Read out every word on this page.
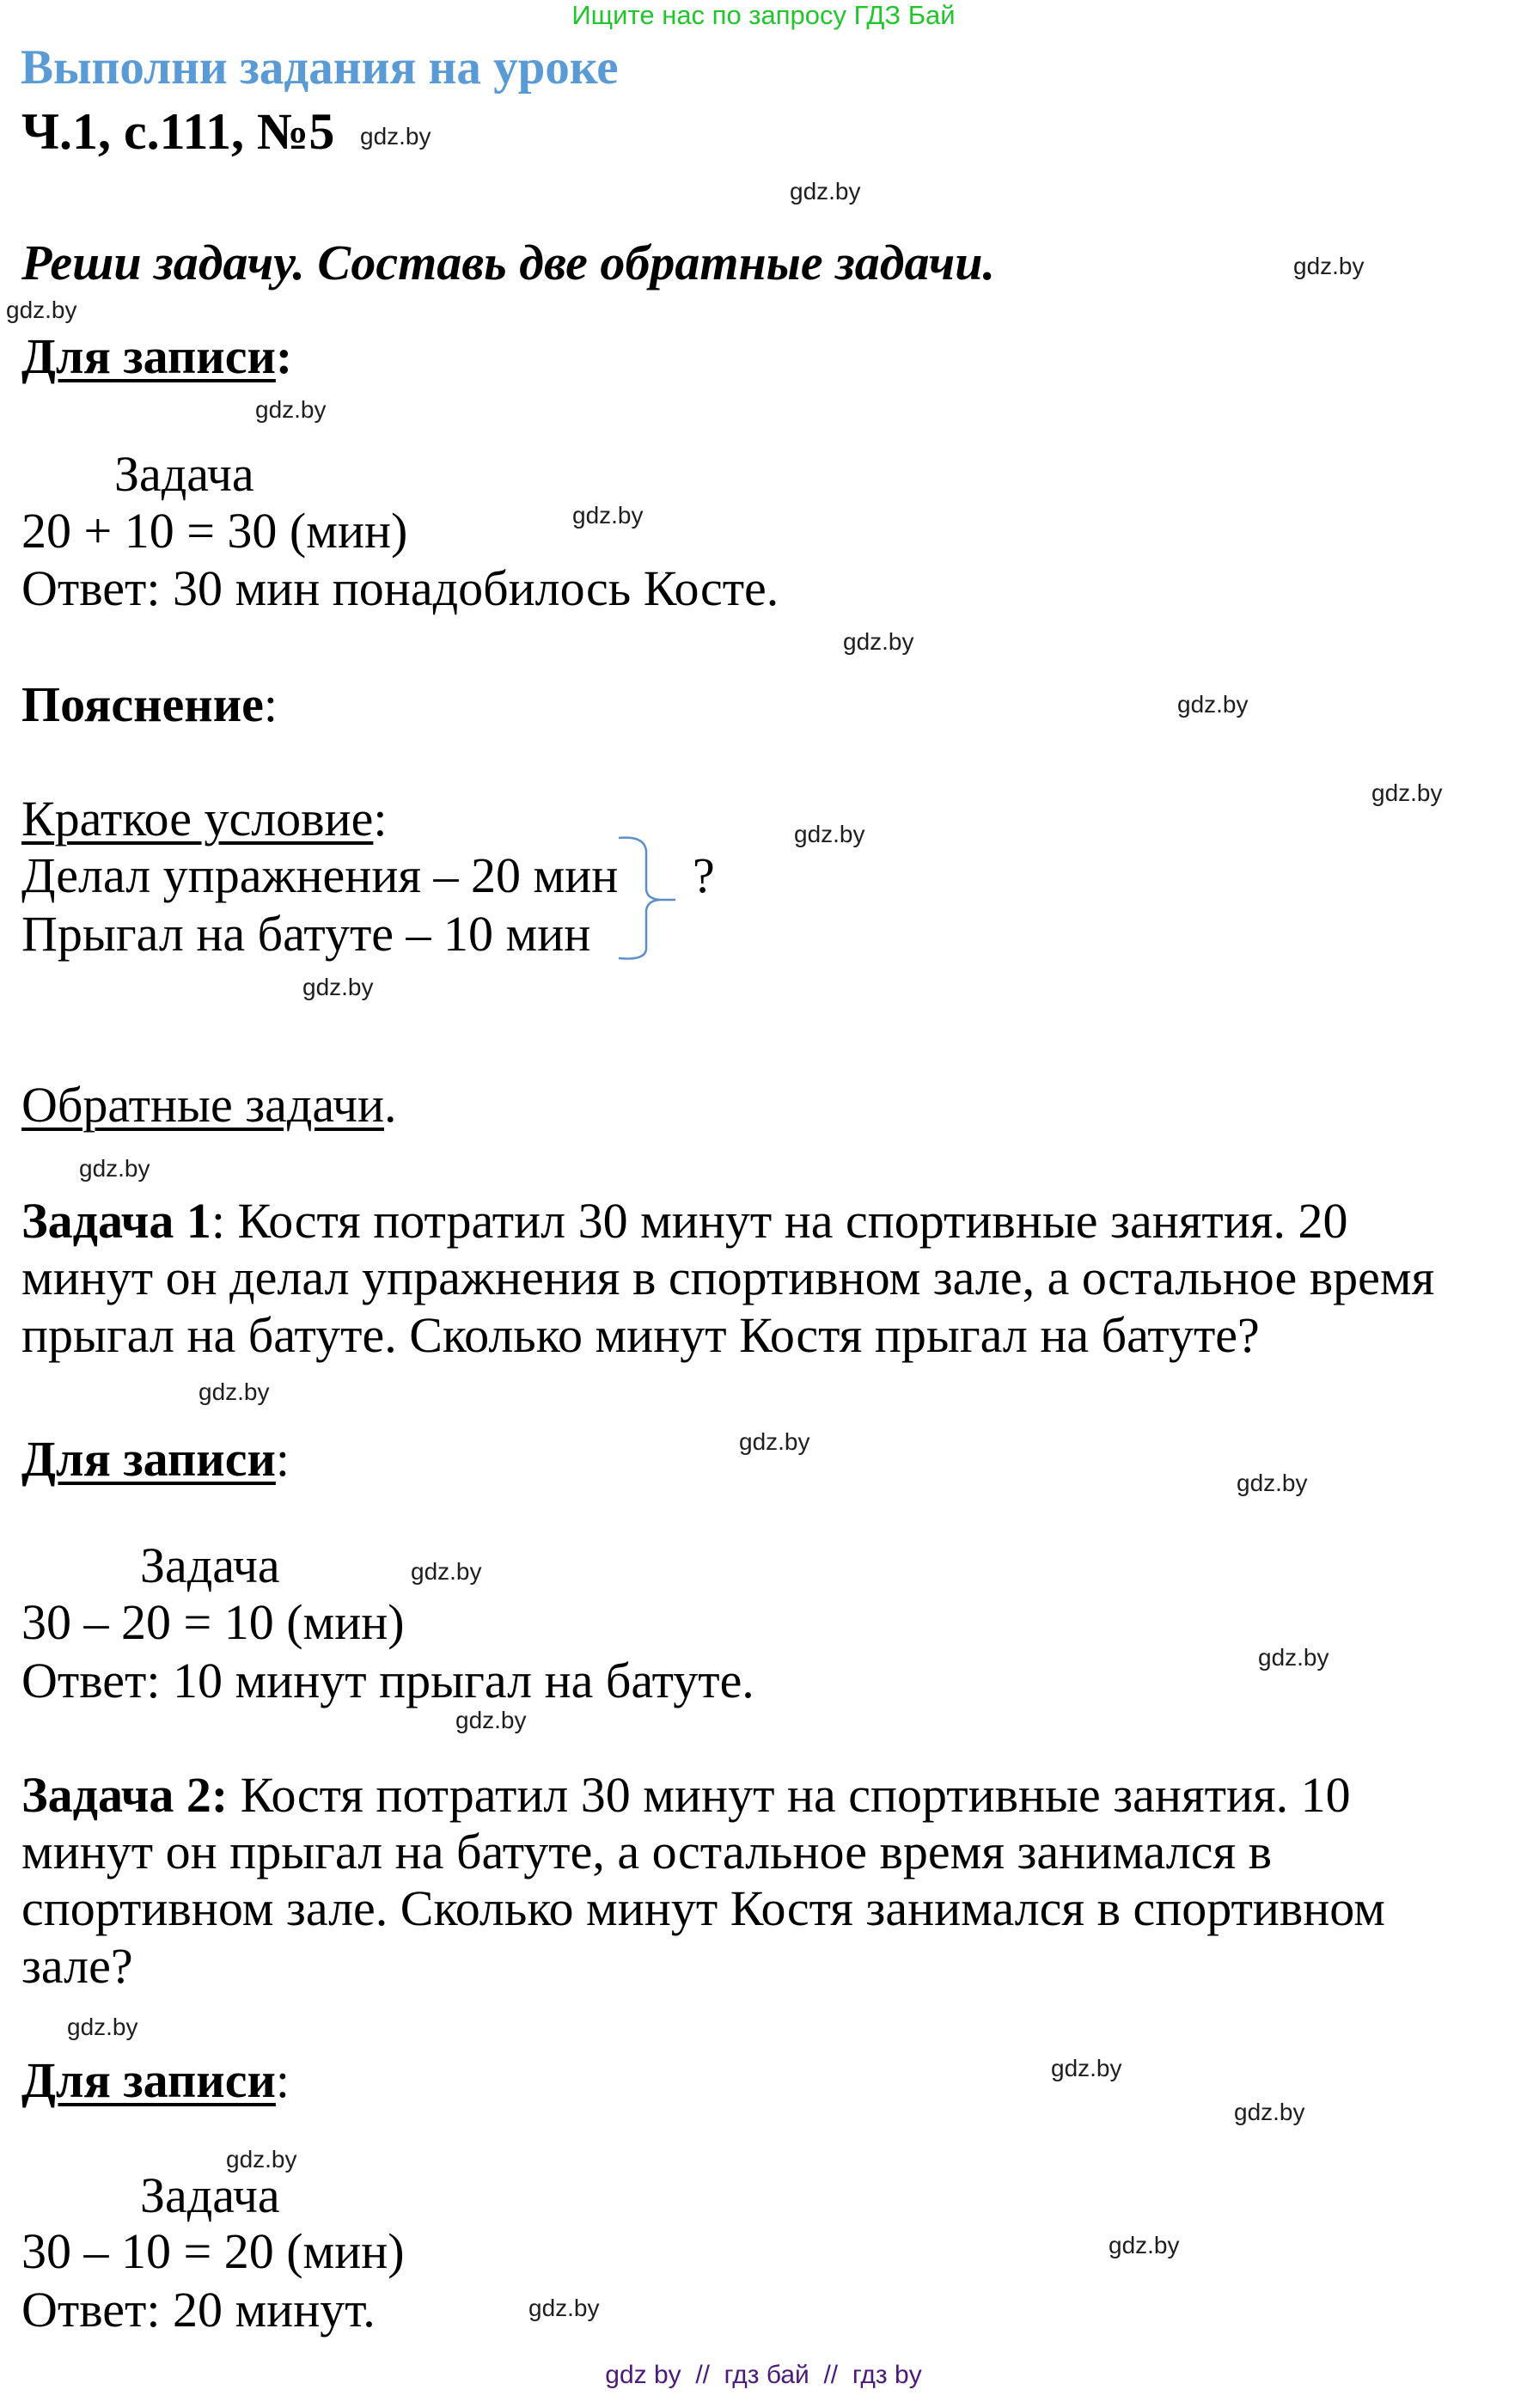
Ищите нас по запросу ГДЗ Бай
Выполни задания на уроке
Ч.1, с.111, №5
Реши задачу. Составь две обратные задачи.
Для записи:
Задача
20 + 10 = 30 (мин)
Ответ: 30 мин понадобилось Косте.
Пояснение:
Краткое условие:
Делал упражнения – 20 мин
Прыгал на батуте – 10 мин
?
Обратные задачи.
Задача 1: Костя потратил 30 минут на спортивные занятия. 20
минут он делал упражнения в спортивном зале, а остальное время
прыгал на батуте. Сколько минут Костя прыгал на батуте?
Для записи:
Задача
30 – 20 = 10 (мин)
Ответ: 10 минут прыгал на батуте.
Задача 2: Костя потратил 30 минут на спортивные занятия. 10
минут он прыгал на батуте, а остальное время занимался в
спортивном зале. Сколько минут Костя занимался в спортивном
зале?
Для записи:
Задача
30 – 10 = 20 (мин)
Ответ: 20 минут.
gdz.by
gdz.by
gdz.by
gdz.by
gdz.by
gdz.by
gdz.by
gdz.by
gdz.by
gdz.by
gdz.by
gdz.by
gdz.by
gdz.by
gdz.by
gdz.by
gdz.by
gdz.by
gdz.by
gdz.by
gdz.by
gdz.by
gdz.by
gdz.by
gdz by  //  гдз бай  //  гдз by
